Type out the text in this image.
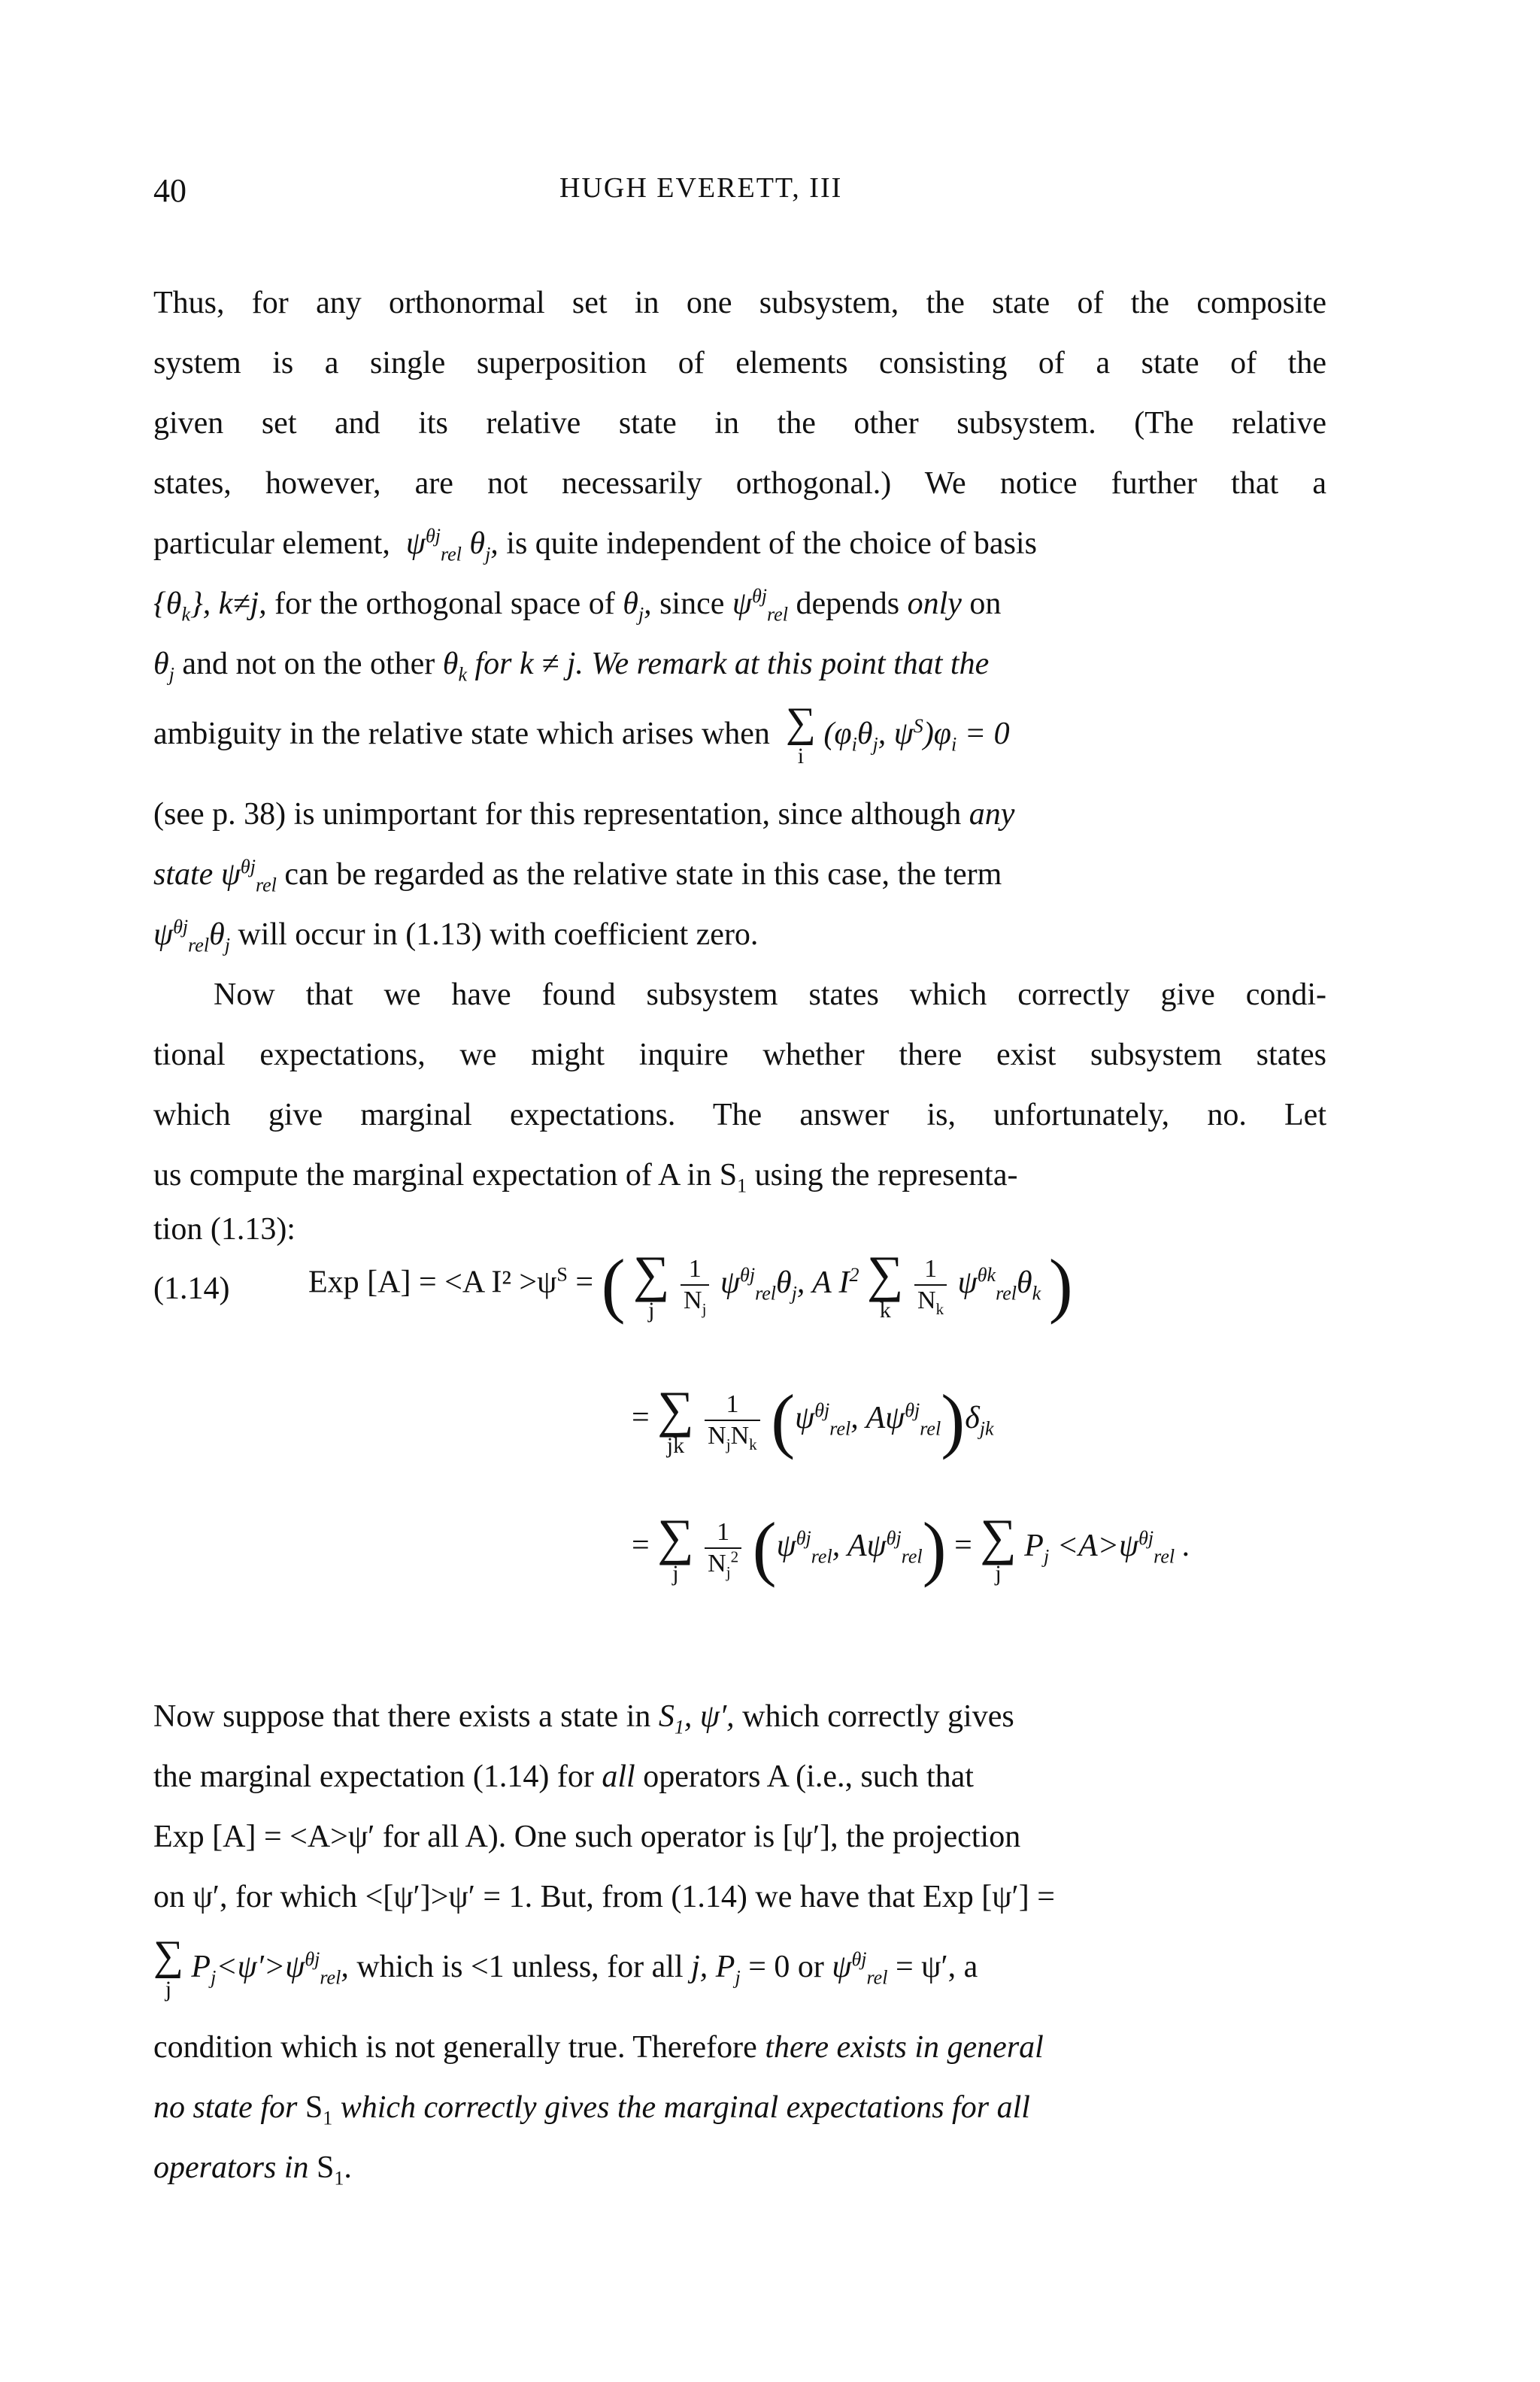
40	HUGH EVERETT, III
Thus, for any orthonormal set in one subsystem, the state of the composite
system is a single superposition of elements consisting of a state of the
given set and its relative state in the other subsystem. (The relative
states, however, are not necessarily orthogonal.) We notice further that a
particular element,  $\psi^{\theta j}_{rel}$ $\theta_j$, is quite independent of the choice of basis
$\{\theta_k\}$, k≠j, for the orthogonal space of $\theta_j$, since $\psi^{\theta j}_{rel}$ depends only on
$\theta_j$ and not on the other $\theta_k$ for k ≠ j. We remark at this point that the
ambiguity in the relative state which arises when ∑
i
($\varphi_i\theta_j$, $\psi^S)\varphi_i = 0$
(see p. 38) is unimportant for this representation, since although any
state $\psi^{\theta j}_{rel}$ can be regarded as the relative state in this case, the term
$\psi^{\theta j}_{rel}\theta_j$ will occur in (1.13) with coefficient zero.
Now that we have found subsystem states which correctly give condi-
tional expectations, we might inquire whether there exist subsystem states
which give marginal expectations. The answer is, unfortunately, no. Let
us compute the marginal expectation of A in $S_1$ using the representa-
tion (1.13):
(1.14) Exp [A] = <A $I^2 >\psi^S$ = ( ∑
j
	$\frac{1}{N_j} \psi^{\theta j}_{rel}\theta_j$, A $I^2$ ∑
k
$\frac{1}{N_k} \psi^{\theta k}_{rel}\theta_k$ )
= ∑
jk
$\frac{1}{N_jN_k} (\psi^{\theta j}_{rel}$, $A\psi^{\theta j}_{rel})\delta_{jk}$
= ∑
j
	$\frac{1}{N_j^2} (\psi^{\theta j}_{rel}$, $A\psi^{\theta j}_{rel}$) = ∑
j
$P_j <A>\psi^{\theta j}_{rel}$ .
Now suppose that there exists a state in $S_1$, ψ′, which correctly gives
the marginal expectation (1.14) for all operators A (i.e., such that
Exp [A] = <A>ψ′ for all A). One such operator is [ψ′], the projection
on ψ′, for which <[ψ′]>ψ′ = 1. But, from (1.14) we have that Exp [ψ′] =
∑
j
$P_j<\psi'>\psi^{\theta j}_{rel}$, which is <1 unless, for all j, $P_j = 0$ or $\psi^{\theta j}_{rel} = \psi'$, a
condition which is not generally true. Therefore there exists in general
no state for $S_1$ which correctly gives the marginal expectations for all
operators in $S_1$.
